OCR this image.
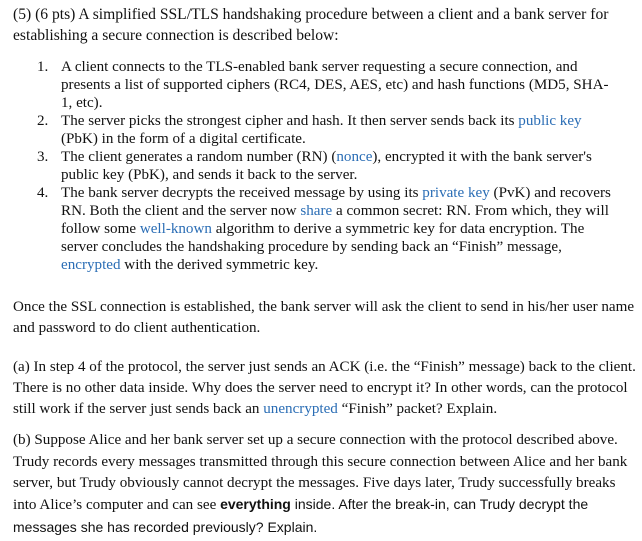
(5) (6 pts) A simplified SSL/TLS handshaking procedure between a client and a bank server for establishing a secure connection is described below:

1. A client connects to the TLS-enabled bank server requesting a secure connection, and presents a list of supported ciphers (RC4, DES, AES, etc) and hash functions (MD5, SHA-1, etc).
2. The server picks the strongest cipher and hash. It then server sends back its public key (PbK) in the form of a digital certificate.
3. The client generates a random number (RN) (nonce), encrypted it with the bank server's public key (PbK), and sends it back to the server.
4. The bank server decrypts the received message by using its private key (PvK) and recovers RN. Both the client and the server now share a common secret: RN. From which, they will follow some well-known algorithm to derive a symmetric key for data encryption. The server concludes the handshaking procedure by sending back an “Finish” message, encrypted with the derived symmetric key.

Once the SSL connection is established, the bank server will ask the client to send in his/her user name and password to do client authentication.

(a) In step 4 of the protocol, the server just sends an ACK (i.e. the “Finish” message) back to the client. There is no other data inside. Why does the server need to encrypt it? In other words, can the protocol still work if the server just sends back an unencrypted “Finish” packet? Explain.

(b) Suppose Alice and her bank server set up a secure connection with the protocol described above. Trudy records every messages transmitted through this secure connection between Alice and her bank server, but Trudy obviously cannot decrypt the messages. Five days later, Trudy successfully breaks into Alice’s computer and can see everything inside. After the break-in, can Trudy decrypt the messages she has recorded previously? Explain.
